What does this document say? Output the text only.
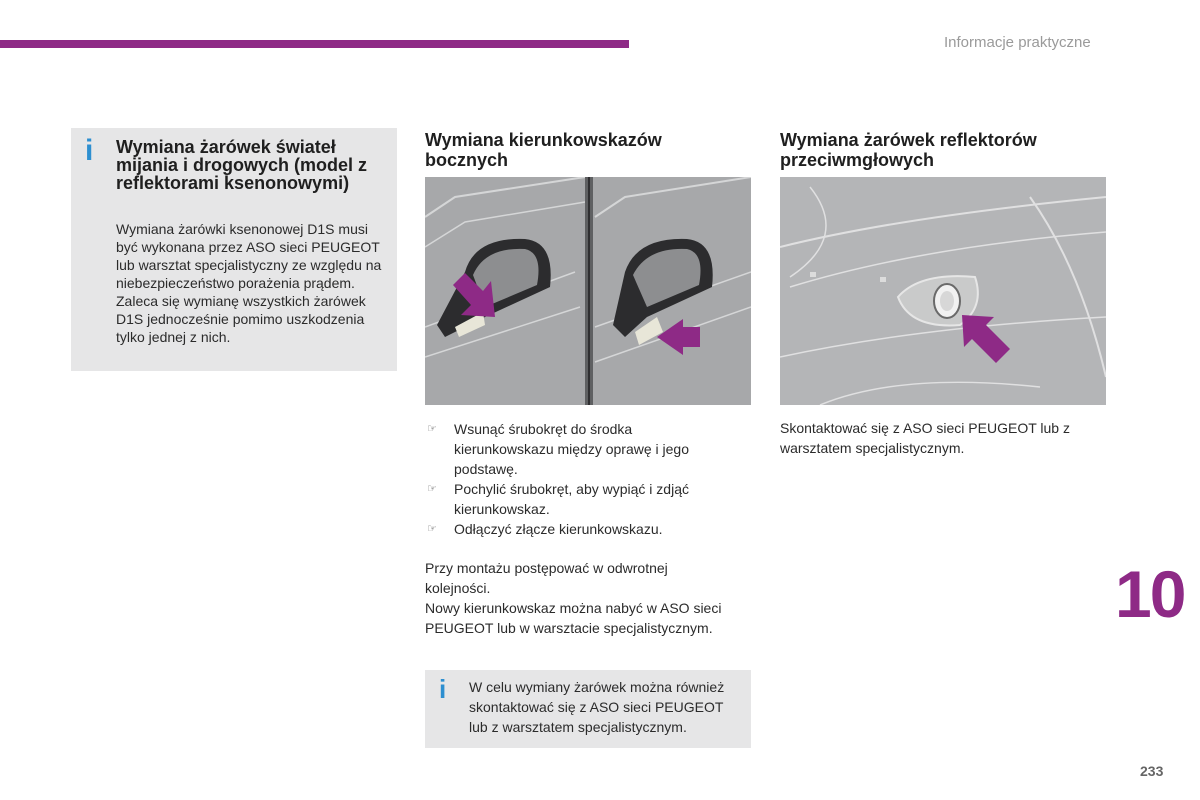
Informacje praktyczne
i Wymiana żarówek świateł mijania i drogowych (model z reflektorami ksenonowymi)
Wymiana żarówki ksenonowej D1S musi być wykonana przez ASO sieci PEUGEOT lub warsztat specjalistyczny ze względu na niebezpieczeństwo porażenia prądem.
Zaleca się wymianę wszystkich żarówek D1S jednocześnie pomimo uszkodzenia tylko jednej z nich.
Wymiana kierunkowskazów bocznych
☞ Wsunąć śrubokręt do środka kierunkowskazu między oprawę i jego podstawę.
☞ Pochylić śrubokręt, aby wypiąć i zdjąć kierunkowskaz.
☞ Odłączyć złącze kierunkowskazu.
Przy montażu postępować w odwrotnej kolejności.
Nowy kierunkowskaz można nabyć w ASO sieci PEUGEOT lub w warsztacie specjalistycznym.
i W celu wymiany żarówek można również skontaktować się z ASO sieci PEUGEOT lub z warsztatem specjalistycznym.
Wymiana żarówek reflektorów przeciwmgłowych
Skontaktować się z ASO sieci PEUGEOT lub z warsztatem specjalistycznym.
10
233
